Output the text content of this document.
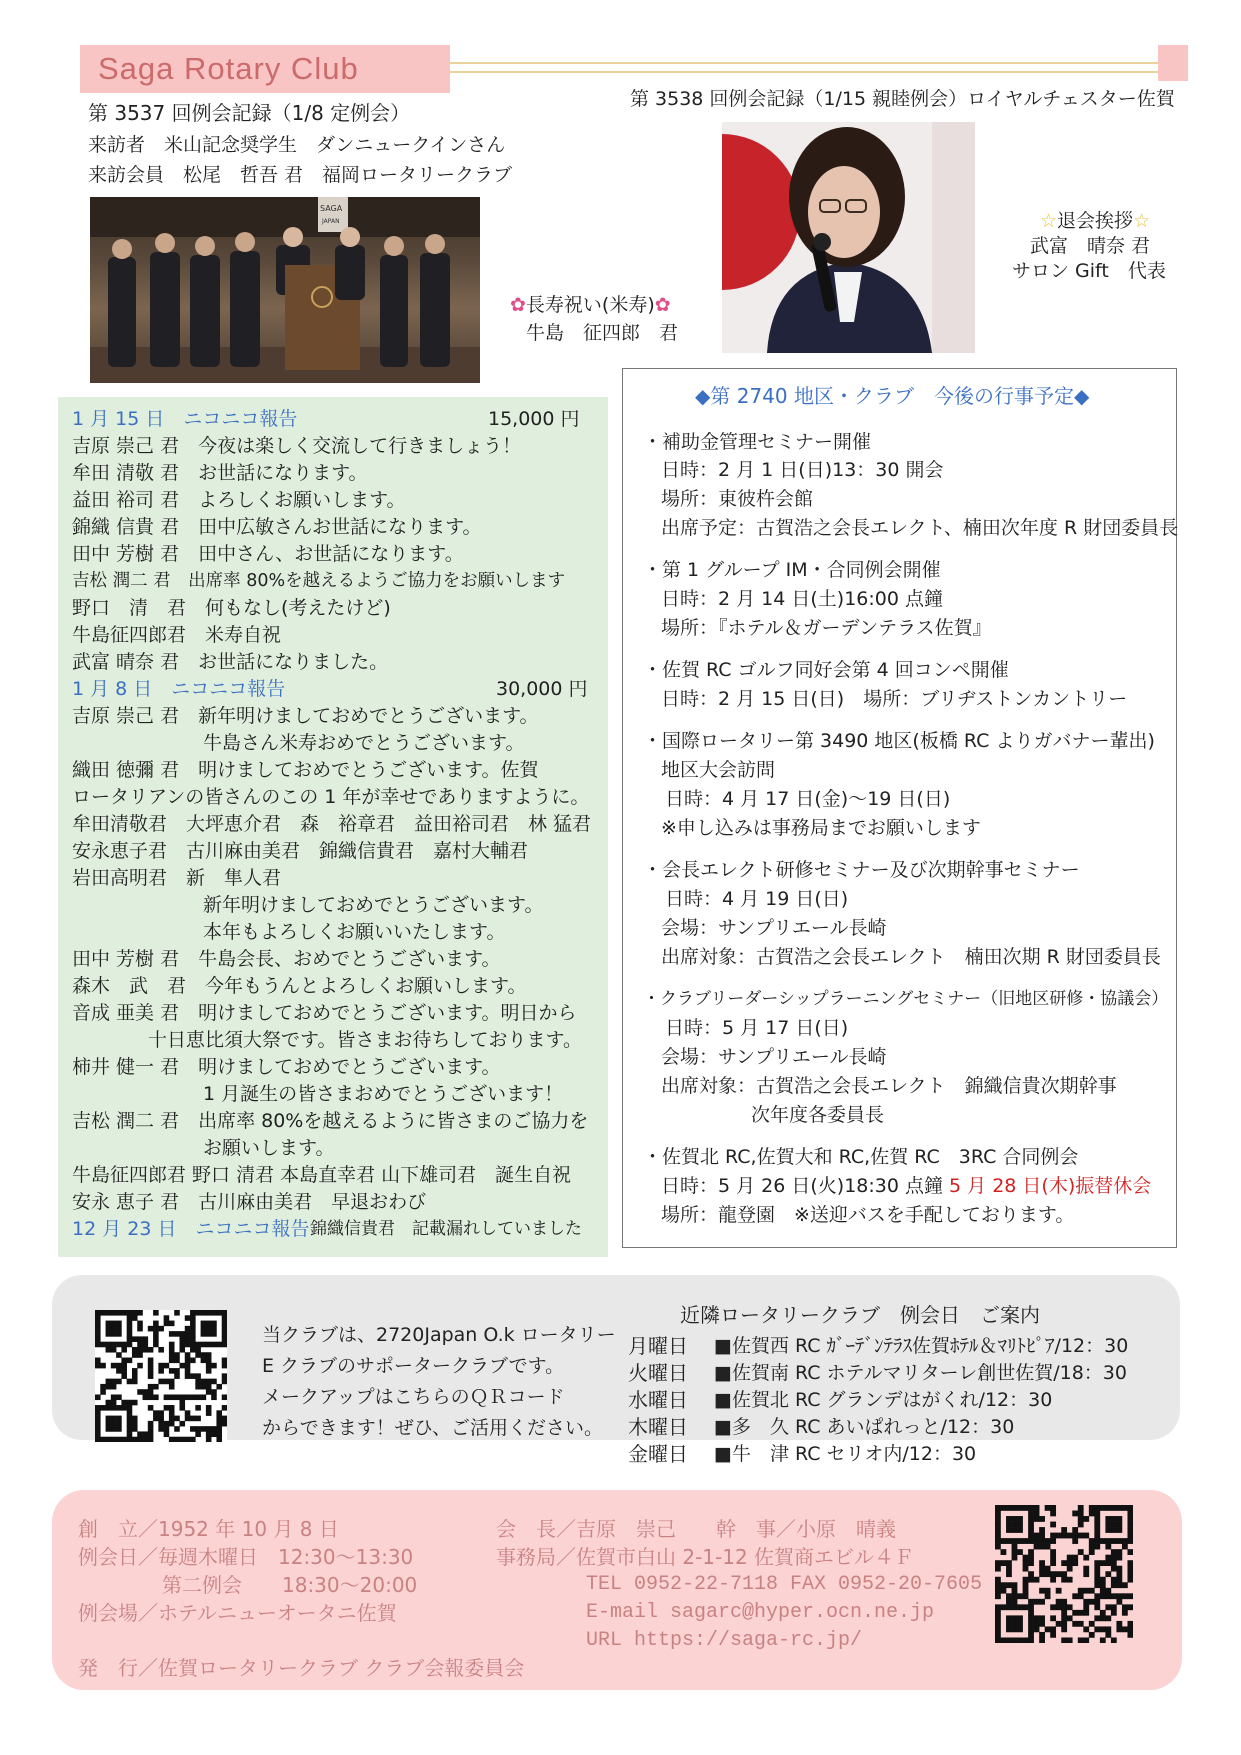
Saga Rotary Club
第 3537 回例会記録（1/8 定例会）
来訪者　米山記念奨学生　ダンニュークインさん
来訪会員　松尾　哲吾 君　福岡ロータリークラブ
SAGA
JAPAN
✿長寿祝い(米寿)✿
牛島　征四郎　君
第 3538 回例会記録（1/15 親睦例会）ロイヤルチェスター佐賀
☆退会挨拶☆
武富　晴奈 君
サロン Gift　代表
1 月 15 日　ニコニコ報告	15,000 円
吉原 崇己 君　今夜は楽しく交流して行きましょう！
牟田 清敬 君　お世話になります。
益田 裕司 君　よろしくお願いします。
錦織 信貴 君　田中広敏さんお世話になります。
田中 芳樹 君　田中さん、お世話になります。
吉松 潤二 君　出席率 80%を越えるようご協力をお願いします
野口　清　君　何もなし(考えたけど)
牛島征四郎君　米寿自祝
武富 晴奈 君　お世話になりました。
1 月 8 日　ニコニコ報告	30,000 円
吉原 崇己 君　新年明けましておめでとうございます。
牛島さん米寿おめでとうございます。
織田 徳彌 君　明けましておめでとうございます。佐賀
ロータリアンの皆さんのこの 1 年が幸せでありますように。
牟田清敬君　大坪恵介君　森　裕章君　益田裕司君　林 猛君
安永恵子君　古川麻由美君　錦織信貴君　嘉村大輔君
岩田高明君　新　隼人君
新年明けましておめでとうございます。
本年もよろしくお願いいたします。
田中 芳樹 君　牛島会長、おめでとうございます。
森木　武　君　今年もうんとよろしくお願いします。
音成 亜美 君　明けましておめでとうございます。明日から
十日恵比須大祭です。皆さまお待ちしております。
柿井 健一 君　明けましておめでとうございます。
1 月誕生の皆さまおめでとうございます！
吉松 潤二 君　出席率 80%を越えるように皆さまのご協力を
お願いします。
牛島征四郎君 野口 清君 本島直幸君 山下雄司君　誕生自祝
安永 恵子 君　古川麻由美君　早退おわび
12 月 23 日　ニコニコ報告 錦織信貴君　記載漏れしていました
◆第 2740 地区・クラブ　今後の行事予定◆
・補助金管理セミナー開催
日時：2 月 1 日(日)13：30 開会
場所：東彼杵会館
出席予定：古賀浩之会長エレクト、楠田次年度 R 財団委員長
・第 1 グループ IM・合同例会開催
日時：2 月 14 日(土)16:00 点鐘
場所：『ホテル＆ガーデンテラス佐賀』
・佐賀 RC ゴルフ同好会第 4 回コンペ開催
日時：2 月 15 日(日)　場所：ブリヂストンカントリー
・国際ロータリー第 3490 地区(板橋 RC よりガバナー輩出)
地区大会訪問
日時：4 月 17 日(金)～19 日(日)
※申し込みは事務局までお願いします
・会長エレクト研修セミナー及び次期幹事セミナー
日時：4 月 19 日(日)
会場：サンプリエール長崎
出席対象：古賀浩之会長エレクト　楠田次期 R 財団委員長
・クラブリーダーシップラーニングセミナー（旧地区研修・協議会）
日時：5 月 17 日(日)
会場：サンプリエール長崎
出席対象：古賀浩之会長エレクト　錦織信貴次期幹事
次年度各委員長
・佐賀北 RC,佐賀大和 RC,佐賀 RC　3RC 合同例会
日時：5 月 26 日(火)18:30 点鐘 5 月 28 日(木)振替休会
場所：龍登園　※送迎バスを手配しております。
当クラブは、2720Japan O.k ロータリー
E クラブのサポータークラブです。
メークアップはこちらのＱＲコード
からできます！ぜひ、ご活用ください。
近隣ロータリークラブ　例会日　ご案内
月曜日 ■佐賀西 RC ｶﾞｰﾃﾞﾝﾃﾗｽ佐賀ﾎﾃﾙ＆ﾏﾘﾄﾋﾟｱ/12：30
火曜日 ■佐賀南 RC ホテルマリターレ創世佐賀/18：30
水曜日 ■佐賀北 RC グランデはがくれ/12：30
木曜日 ■多　久 RC あいぱれっと/12：30
金曜日 ■牛　津 RC セリオ内/12：30
創　立／1952 年 10 月 8 日
例会日／毎週木曜日　12:30～13:30
第二例会　　18:30～20:00
例会場／ホテルニューオータニ佐賀
発　行／佐賀ロータリークラブ クラブ会報委員会
会　長／吉原　崇己　　幹　事／小原　晴義
事務局／佐賀市白山 2-1-12 佐賀商エビル４Ｆ
TEL 0952-22-7118 FAX 0952-20-7605
E-mail sagarc@hyper.ocn.ne.jp
URL https://saga-rc.jp/
